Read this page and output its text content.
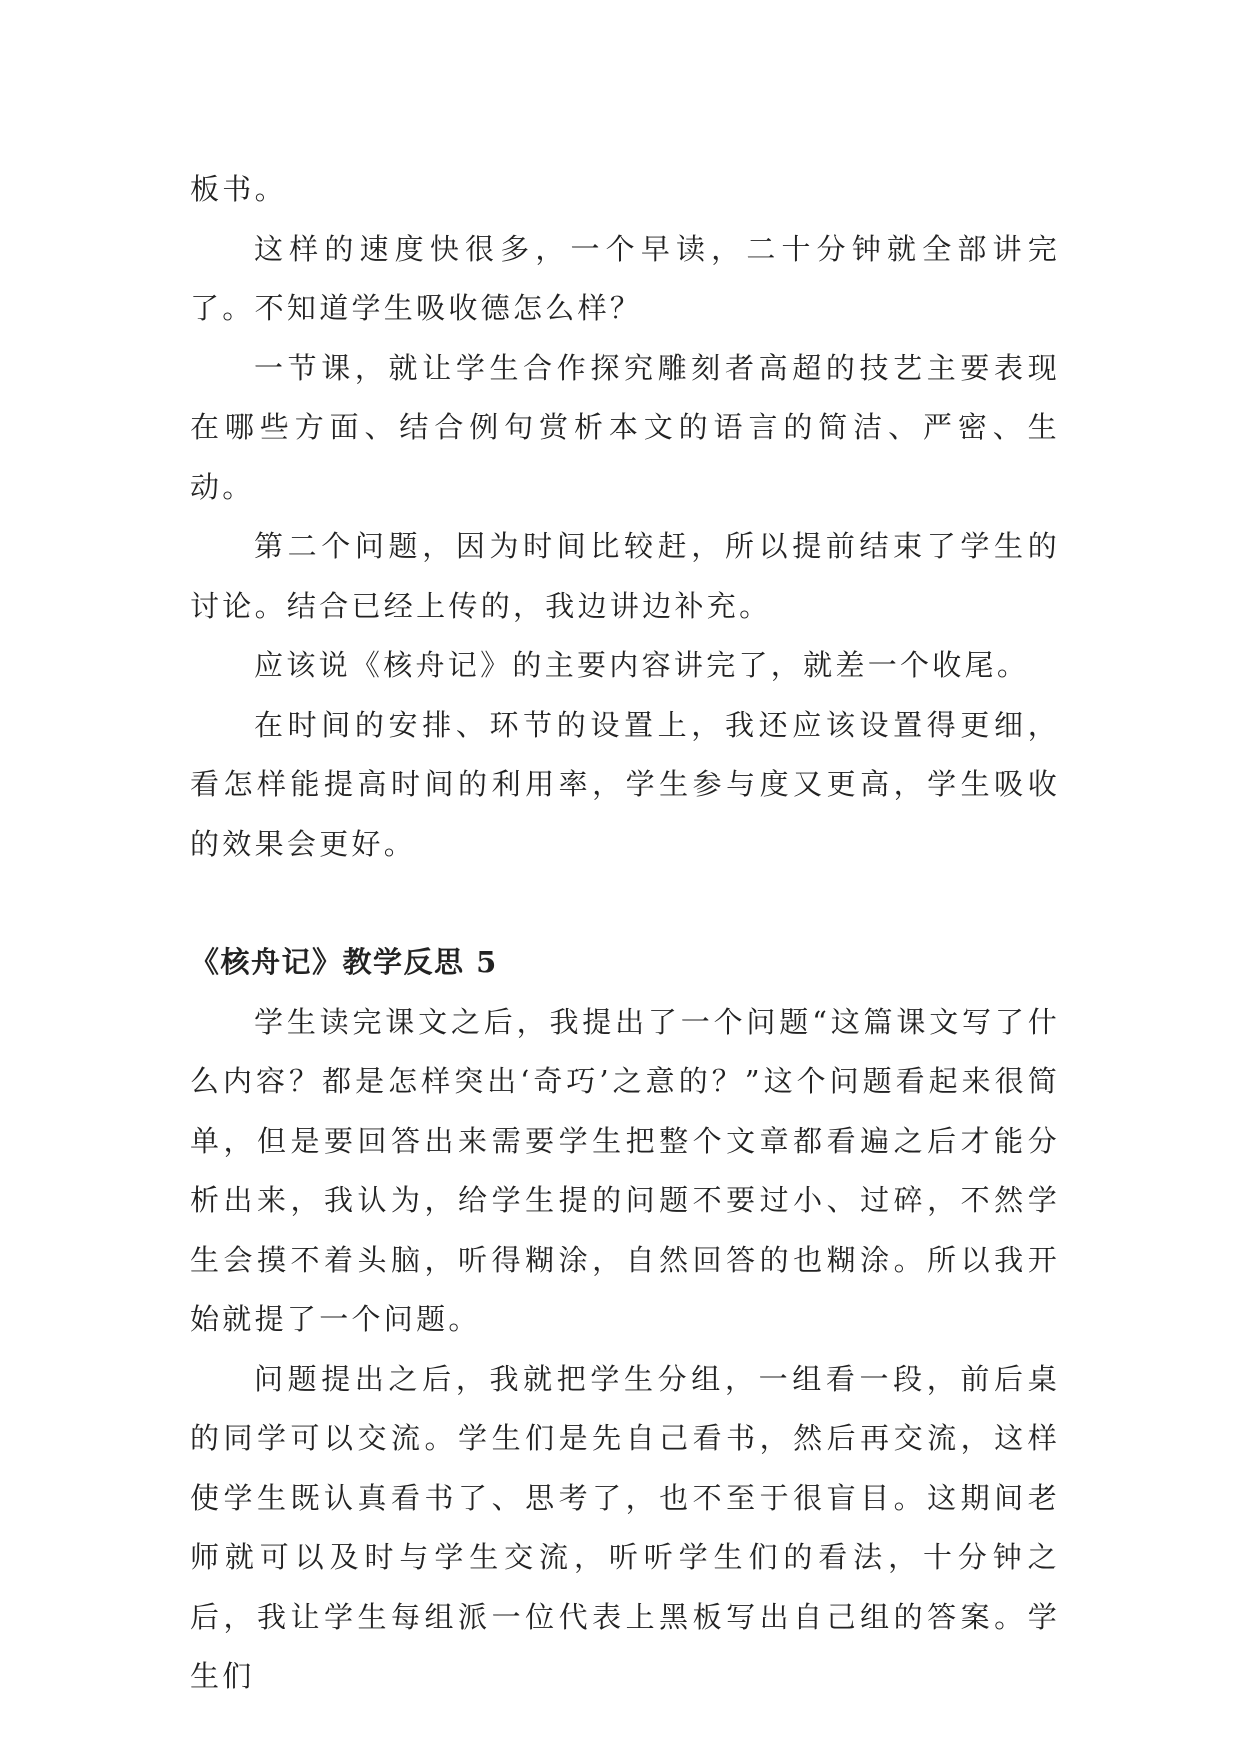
板书。

这样的速度快很多，一个早读，二十分钟就全部讲完了。不知道学生吸收德怎么样？

一节课，就让学生合作探究雕刻者高超的技艺主要表现在哪些方面、结合例句赏析本文的语言的简洁、严密、生动。

第二个问题，因为时间比较赶，所以提前结束了学生的讨论。结合已经上传的，我边讲边补充。

应该说《核舟记》的主要内容讲完了，就差一个收尾。

在时间的安排、环节的设置上，我还应该设置得更细，看怎样能提高时间的利用率，学生参与度又更高，学生吸收的效果会更好。

《核舟记》教学反思 5

学生读完课文之后，我提出了一个问题“这篇课文写了什么内容？都是怎样突出‘奇巧’之意的？”这个问题看起来很简单，但是要回答出来需要学生把整个文章都看遍之后才能分析出来，我认为，给学生提的问题不要过小、过碎，不然学生会摸不着头脑，听得糊涂，自然回答的也糊涂。所以我开始就提了一个问题。

问题提出之后，我就把学生分组，一组看一段，前后桌的同学可以交流。学生们是先自己看书，然后再交流，这样使学生既认真看书了、思考了，也不至于很盲目。这期间老师就可以及时与学生交流，听听学生们的看法，十分钟之后，我让学生每组派一位代表上黑板写出自己组的答案。学生们
